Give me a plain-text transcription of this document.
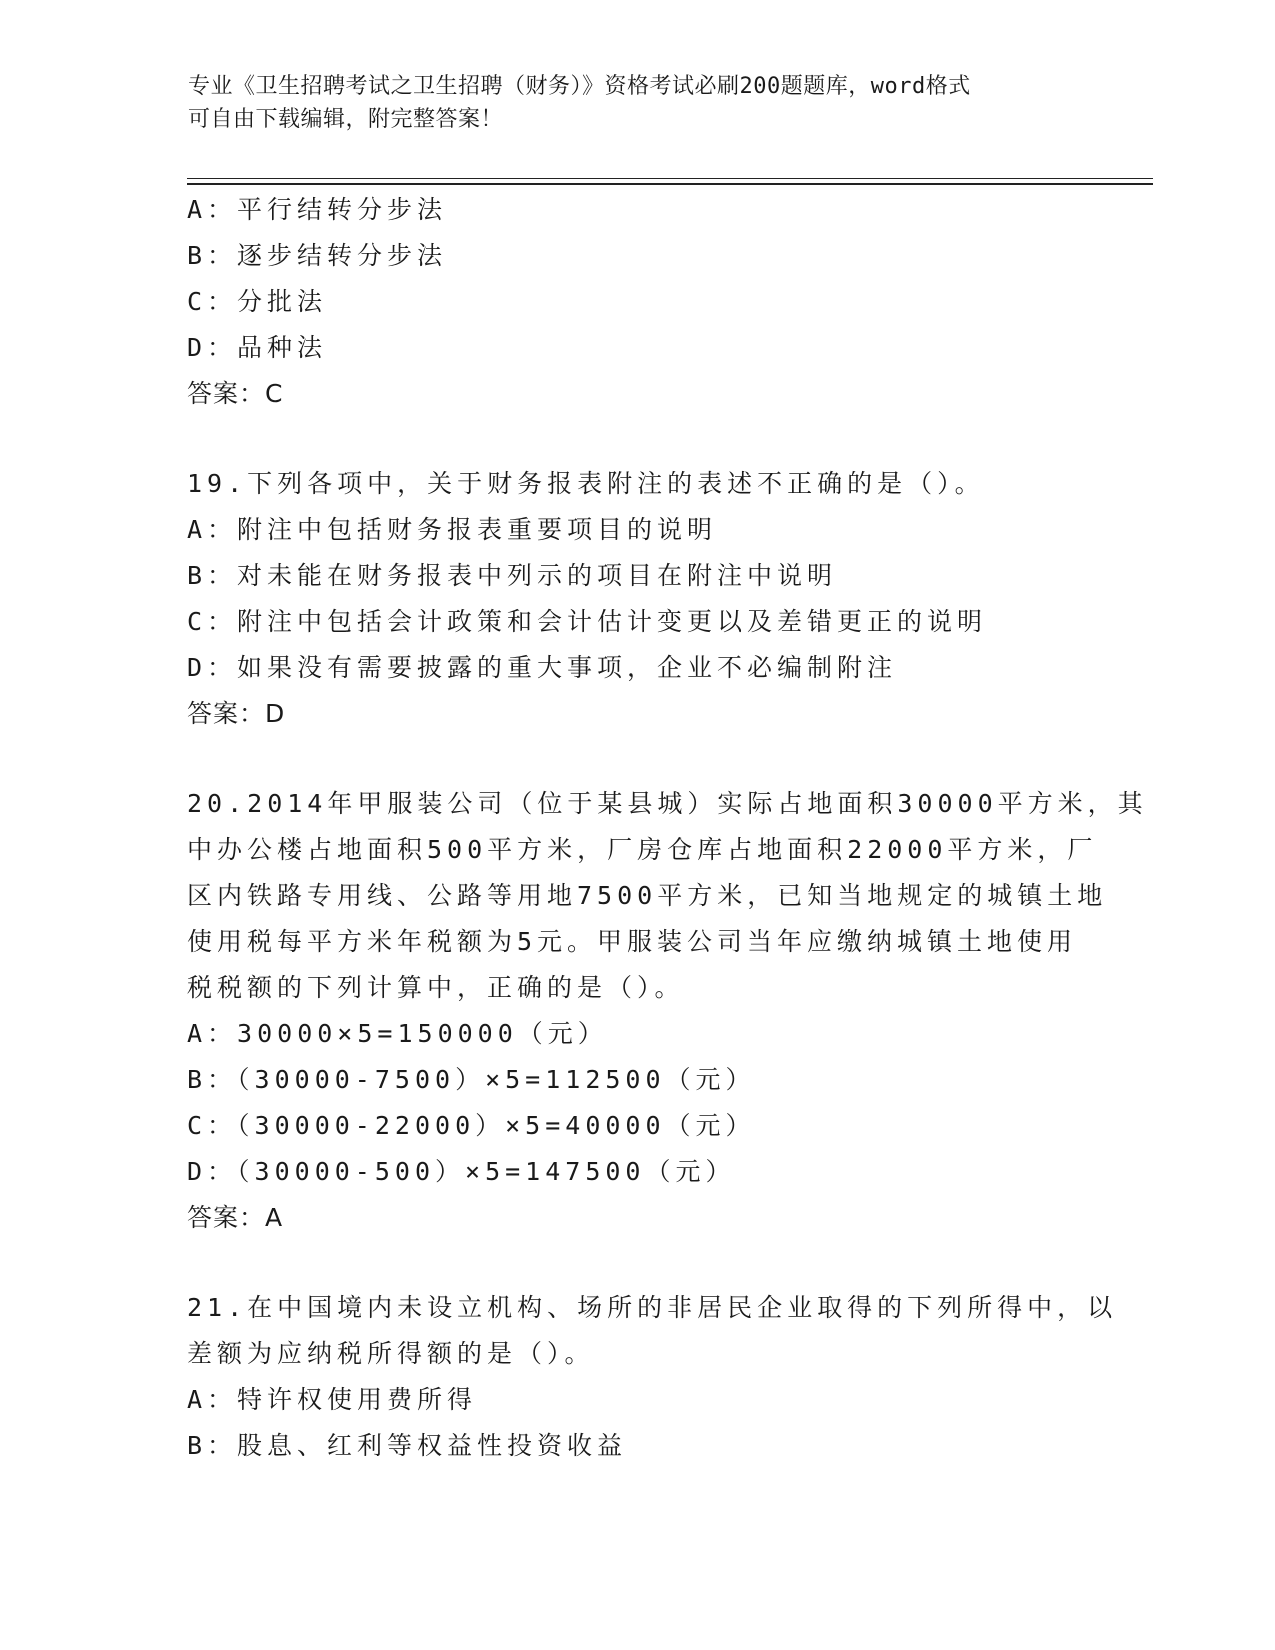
专业《卫生招聘考试之卫生招聘（财务）》资格考试必刷200题题库，word格式
可自由下载编辑，附完整答案！
A：平行结转分步法
B：逐步结转分步法
C：分批法
D：品种法
答案：C
19.下列各项中，关于财务报表附注的表述不正确的是（）。
A：附注中包括财务报表重要项目的说明
B：对未能在财务报表中列示的项目在附注中说明
C：附注中包括会计政策和会计估计变更以及差错更正的说明
D：如果没有需要披露的重大事项，企业不必编制附注
答案：D
20.2014年甲服装公司（位于某县城）实际占地面积30000平方米，其
中办公楼占地面积500平方米，厂房仓库占地面积22000平方米，厂
区内铁路专用线、公路等用地7500平方米，已知当地规定的城镇土地
使用税每平方米年税额为5元。甲服装公司当年应缴纳城镇土地使用
税税额的下列计算中，正确的是（）。
A：30000×5=150000（元）
B：（30000-7500）×5=112500（元）
C：（30000-22000）×5=40000（元）
D：（30000-500）×5=147500（元）
答案：A
21.在中国境内未设立机构、场所的非居民企业取得的下列所得中，以
差额为应纳税所得额的是（）。
A：特许权使用费所得
B：股息、红利等权益性投资收益
